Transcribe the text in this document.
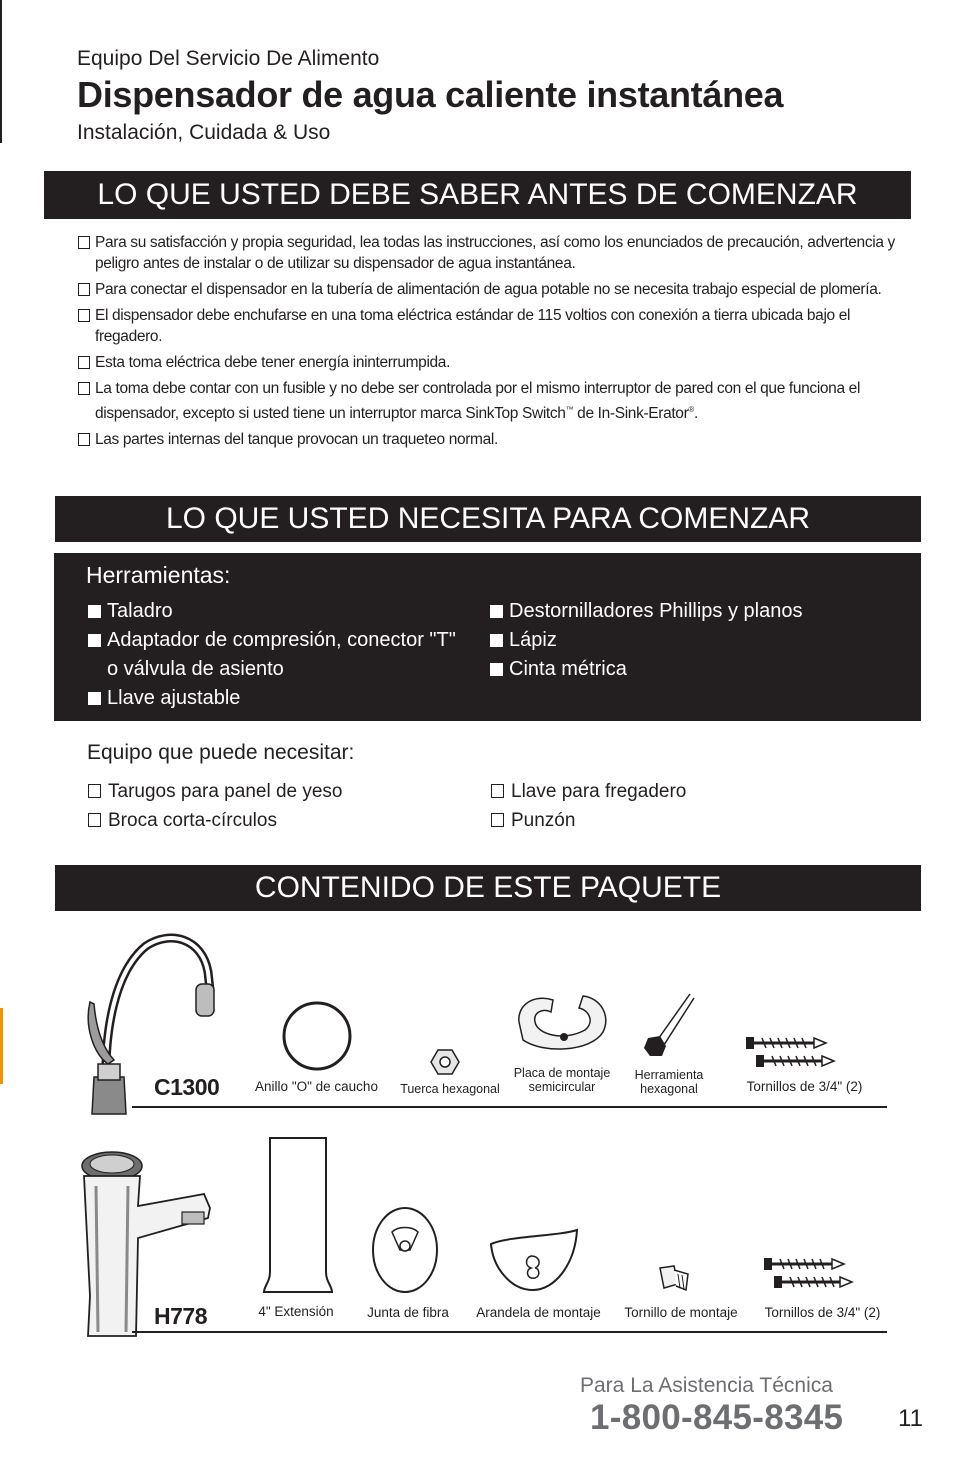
Equipo Del Servicio De Alimento
Dispensador de agua caliente instantánea
Instalación, Cuidada & Uso
LO QUE USTED DEBE SABER ANTES DE COMENZAR
Para su satisfacción y propia seguridad, lea todas las instrucciones, así como los enunciados de precaución, advertencia y peligro antes de instalar o de utilizar su dispensador de agua instantánea.
Para conectar el dispensador en la tubería de alimentación de agua potable no se necesita trabajo especial de plomería.
El dispensador debe enchufarse en una toma eléctrica estándar de 115 voltios con conexión a tierra ubicada bajo el fregadero.
Esta toma eléctrica debe tener energía ininterrumpida.
La toma debe contar con un fusible y no debe ser controlada por el mismo interruptor de pared con el que funciona el dispensador, excepto si usted tiene un interruptor marca SinkTop Switch™ de In-Sink-Erator®.
Las partes internas del tanque provocan un traqueteo normal.
LO QUE USTED NECESITA PARA COMENZAR
Herramientas:
Taladro
Adaptador de compresión, conector "T" o válvula de asiento
Llave ajustable
Destornilladores Phillips y planos
Lápiz
Cinta métrica
Equipo que puede necesitar:
Tarugos para panel de yeso
Broca corta-círculos
Llave para fregadero
Punzón
CONTENIDO DE ESTE PAQUETE
C1300	Anillo "O" de caucho	Tuerca hexagonal
Placa de montaje semicircular
Herramienta hexagonal	Tornillos de 3/4" (2)
H778	4" Extensión	Junta de fibra	Arandela de montaje	Tornillo de montaje	Tornillos de 3/4" (2)
Para La Asistencia Técnica
1-800-845-8345 11
